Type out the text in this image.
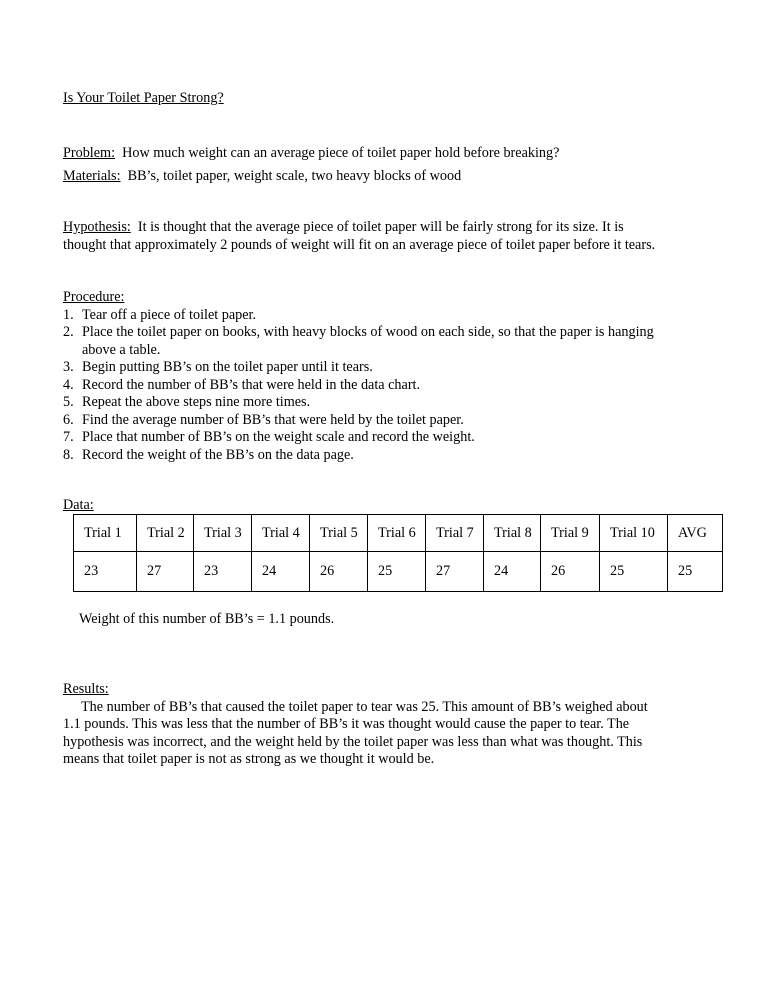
Is Your Toilet Paper Strong?
Problem: How much weight can an average piece of toilet paper hold before breaking?
Materials: BB’s, toilet paper, weight scale, two heavy blocks of wood
Hypothesis: It is thought that the average piece of toilet paper will be fairly strong for its size. It is
thought that approximately 2 pounds of weight will fit on an average piece of toilet paper before it tears.
Procedure:
1. Tear off a piece of toilet paper.
2. Place the toilet paper on books, with heavy blocks of wood on each side, so that the paper is hanging
above a table.
3. Begin putting BB’s on the toilet paper until it tears.
4. Record the number of BB’s that were held in the data chart.
5. Repeat the above steps nine more times.
6. Find the average number of BB’s that were held by the toilet paper.
7. Place that number of BB’s on the weight scale and record the weight.
8. Record the weight of the BB’s on the data page.
Data:
Trial 1	Trial 2	Trial 3	Trial 4	Trial 5	Trial 6	Trial 7	Trial 8	Trial 9	Trial 10	AVG
23	27	23	24	26	25	27	24	26	25	25
Weight of this number of BB’s = 1.1 pounds.
Results:
The number of BB’s that caused the toilet paper to tear was 25. This amount of BB’s weighed about
1.1 pounds. This was less that the number of BB’s it was thought would cause the paper to tear. The
hypothesis was incorrect, and the weight held by the toilet paper was less than what was thought. This
means that toilet paper is not as strong as we thought it would be.
